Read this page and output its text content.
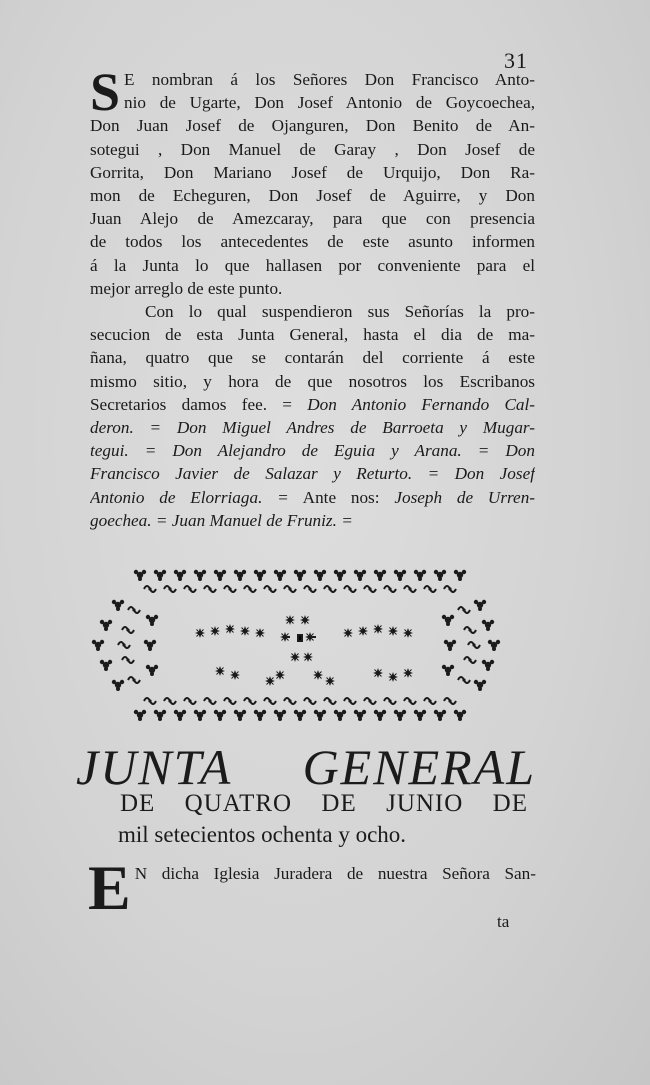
31
S E nombran á los Señores Don Francisco Anto-
nio de Ugarte, Don Josef Antonio de Goycoechea,
Don Juan Josef de Ojanguren, Don Benito de An-
sotegui , Don Manuel de Garay , Don Josef de
Gorrita, Don Mariano Josef de Urquijo, Don Ra-
mon de Echeguren, Don Josef de Aguirre, y Don
Juan Alejo de Amezcaray, para que con presencia
de todos los antecedentes de este asunto informen
á la Junta lo que hallasen por conveniente para el
mejor arreglo de este punto.
Con lo qual suspendieron sus Señorías la pro-
secucion de esta Junta General, hasta el dia de ma-
ñana, quatro que se contarán del corriente á este
mismo sitio, y hora de que nosotros los Escribanos
Secretarios damos fee. = Don Antonio Fernando Cal-
deron. = Don Miguel Andres de Barroeta y Mugar-
tegui. = Don Alejandro de Eguia y Arana. = Don
Francisco Javier de Salazar y Returto. = Don Josef
Antonio de Elorriaga. = Ante nos: Joseph de Urren-
goechea. = Juan Manuel de Fruniz. =
JUNTA GENERAL
DE QUATRO DE JUNIO DE
mil setecientos ochenta y ocho.
E N dicha Iglesia Juradera de nuestra Señora San-
ta
